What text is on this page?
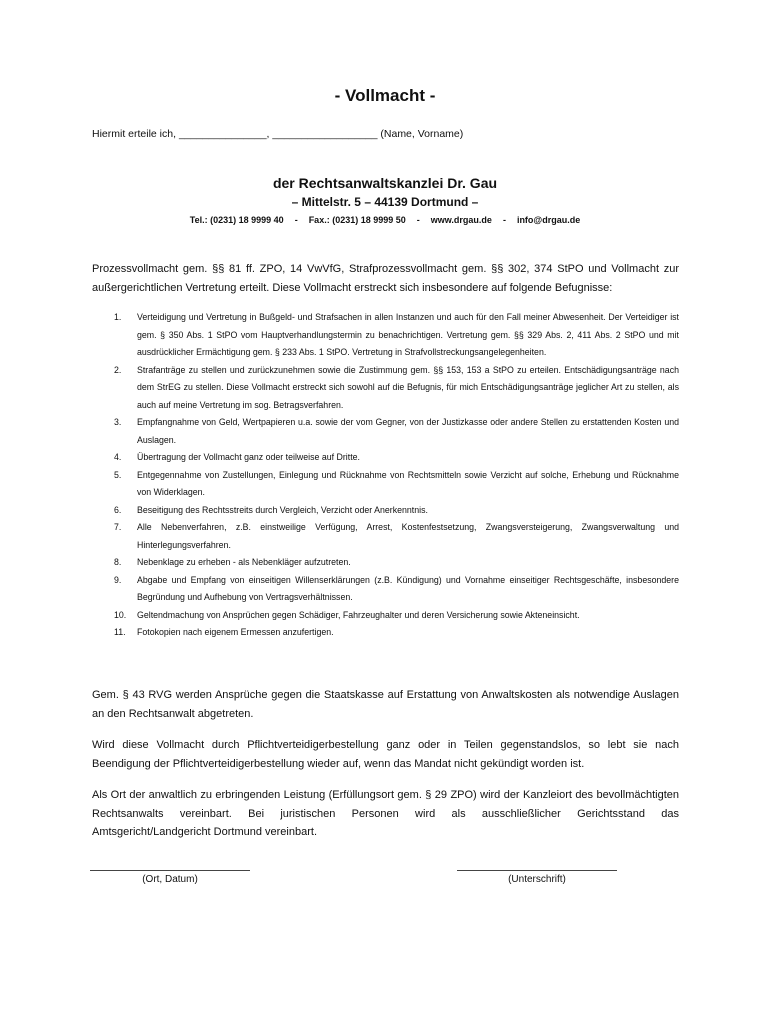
- Vollmacht -
Hiermit erteile ich, _______________, __________________ (Name, Vorname)
der Rechtsanwaltskanzlei Dr. Gau
– Mittelstr. 5 – 44139 Dortmund –
Tel.: (0231) 18 9999 40 - Fax.: (0231) 18 9999 50 - www.drgau.de - info@drgau.de

Prozessvollmacht gem. §§ 81 ff. ZPO, 14 VwVfG, Strafprozessvollmacht gem. §§ 302, 374 StPO und Vollmacht zur außergerichtlichen Vertretung erteilt. Diese Vollmacht erstreckt sich insbesondere auf folgende Befugnisse:

1.	Verteidigung und Vertretung in Bußgeld- und Strafsachen in allen Instanzen und auch für den Fall meiner Abwesenheit. Der Verteidiger ist gem. § 350 Abs. 1 StPO vom Hauptverhandlungstermin zu benachrichtigen. Vertretung gem. §§ 329 Abs. 2, 411 Abs. 2 StPO und mit ausdrücklicher Ermächtigung gem. § 233 Abs. 1 StPO. Vertretung in Strafvollstreckungsangelegenheiten.
2.	Strafanträge zu stellen und zurückzunehmen sowie die Zustimmung gem. §§ 153, 153 a StPO zu erteilen. Entschädigungsanträge nach dem StrEG zu stellen. Diese Vollmacht erstreckt sich sowohl auf die Befugnis, für mich Entschädigungsanträge jeglicher Art zu stellen, als auch auf meine Vertretung im sog. Betragsverfahren.
3.	Empfangnahme von Geld, Wertpapieren u.a. sowie der vom Gegner, von der Justizkasse oder andere Stellen zu erstattenden Kosten und Auslagen.
4.	Übertragung der Vollmacht ganz oder teilweise auf Dritte.
5.	Entgegennahme von Zustellungen, Einlegung und Rücknahme von Rechtsmitteln sowie Verzicht auf solche, Erhebung und Rücknahme von Widerklagen.
6.	Beseitigung des Rechtsstreits durch Vergleich, Verzicht oder Anerkenntnis.
7.	Alle Nebenverfahren, z.B. einstweilige Verfügung, Arrest, Kostenfestsetzung, Zwangsversteigerung, Zwangsverwaltung und Hinterlegungsverfahren.
8.	Nebenklage zu erheben - als Nebenkläger aufzutreten.
9.	Abgabe und Empfang von einseitigen Willenserklärungen (z.B. Kündigung) und Vornahme einseitiger Rechtsgeschäfte, insbesondere Begründung und Aufhebung von Vertragsverhältnissen.
10.	Geltendmachung von Ansprüchen gegen Schädiger, Fahrzeughalter und deren Versicherung sowie Akteneinsicht.
11.	Fotokopien nach eigenem Ermessen anzufertigen.

Gem. § 43 RVG werden Ansprüche gegen die Staatskasse auf Erstattung von Anwaltskosten als notwendige Auslagen an den Rechtsanwalt abgetreten.

Wird diese Vollmacht durch Pflichtverteidigerbestellung ganz oder in Teilen gegenstandslos, so lebt sie nach Beendigung der Pflichtverteidigerbestellung wieder auf, wenn das Mandat nicht gekündigt worden ist.

Als Ort der anwaltlich zu erbringenden Leistung (Erfüllungsort gem. § 29 ZPO) wird der Kanzleiort des bevollmächtigten Rechtsanwalts vereinbart. Bei juristischen Personen wird als ausschließlicher Gerichtsstand das Amtsgericht/Landgericht Dortmund vereinbart.

(Ort, Datum)	(Unterschrift)
